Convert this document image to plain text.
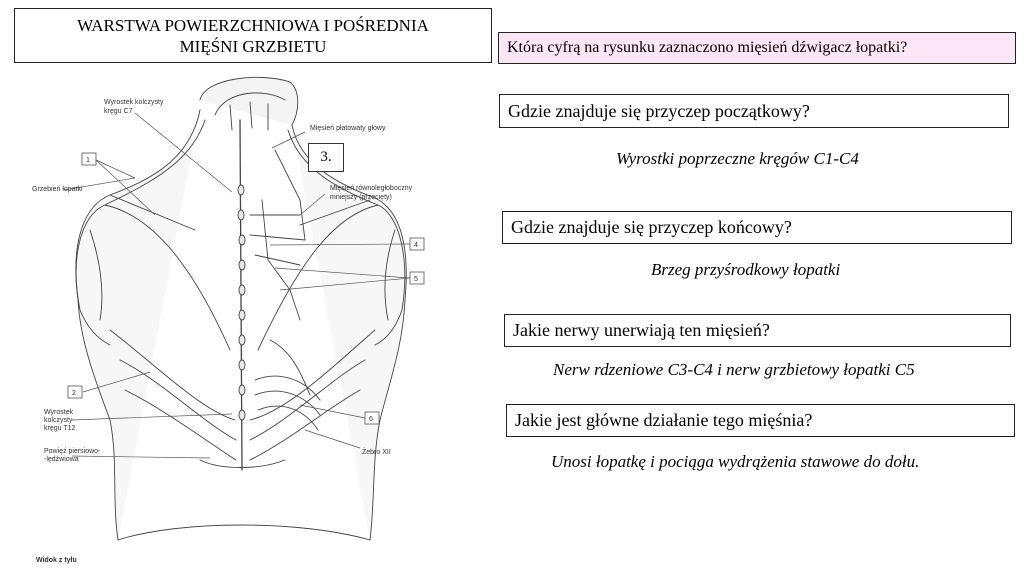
WARSTWA POWIERZCHNIOWA I POŚREDNIA
MIĘŚNI GRZBIETU	Która cyfrą na rysunku zaznaczono mięsień dźwigacz łopatki?
Gdzie znajduje się przyczep początkowy?
Wyrostki poprzeczne kręgów C1-C4
Gdzie znajduje się przyczep końcowy?
Brzeg przyśrodkowy łopatki
Jakie nerwy unerwiają ten mięsień?
Nerw rdzeniowe C3-C4 i nerw grzbietowy łopatki C5
Jakie jest główne działanie tego mięśnia?
Unosi łopatkę i pociąga wydrążenia stawowe do dołu.
1
2
4
5
6
Wyrostek kolczysty
kręgu C7
Mięsień płatowaty głowy
Grzebień łopatki	Mięsień równoległoboczny
mniejszy (przecięty)
Wyrostek
kolczysty
kręgu T12
Powięź piersiowo-
-lędźwiowa
Żebro XII
Widok z tyłu
3.
